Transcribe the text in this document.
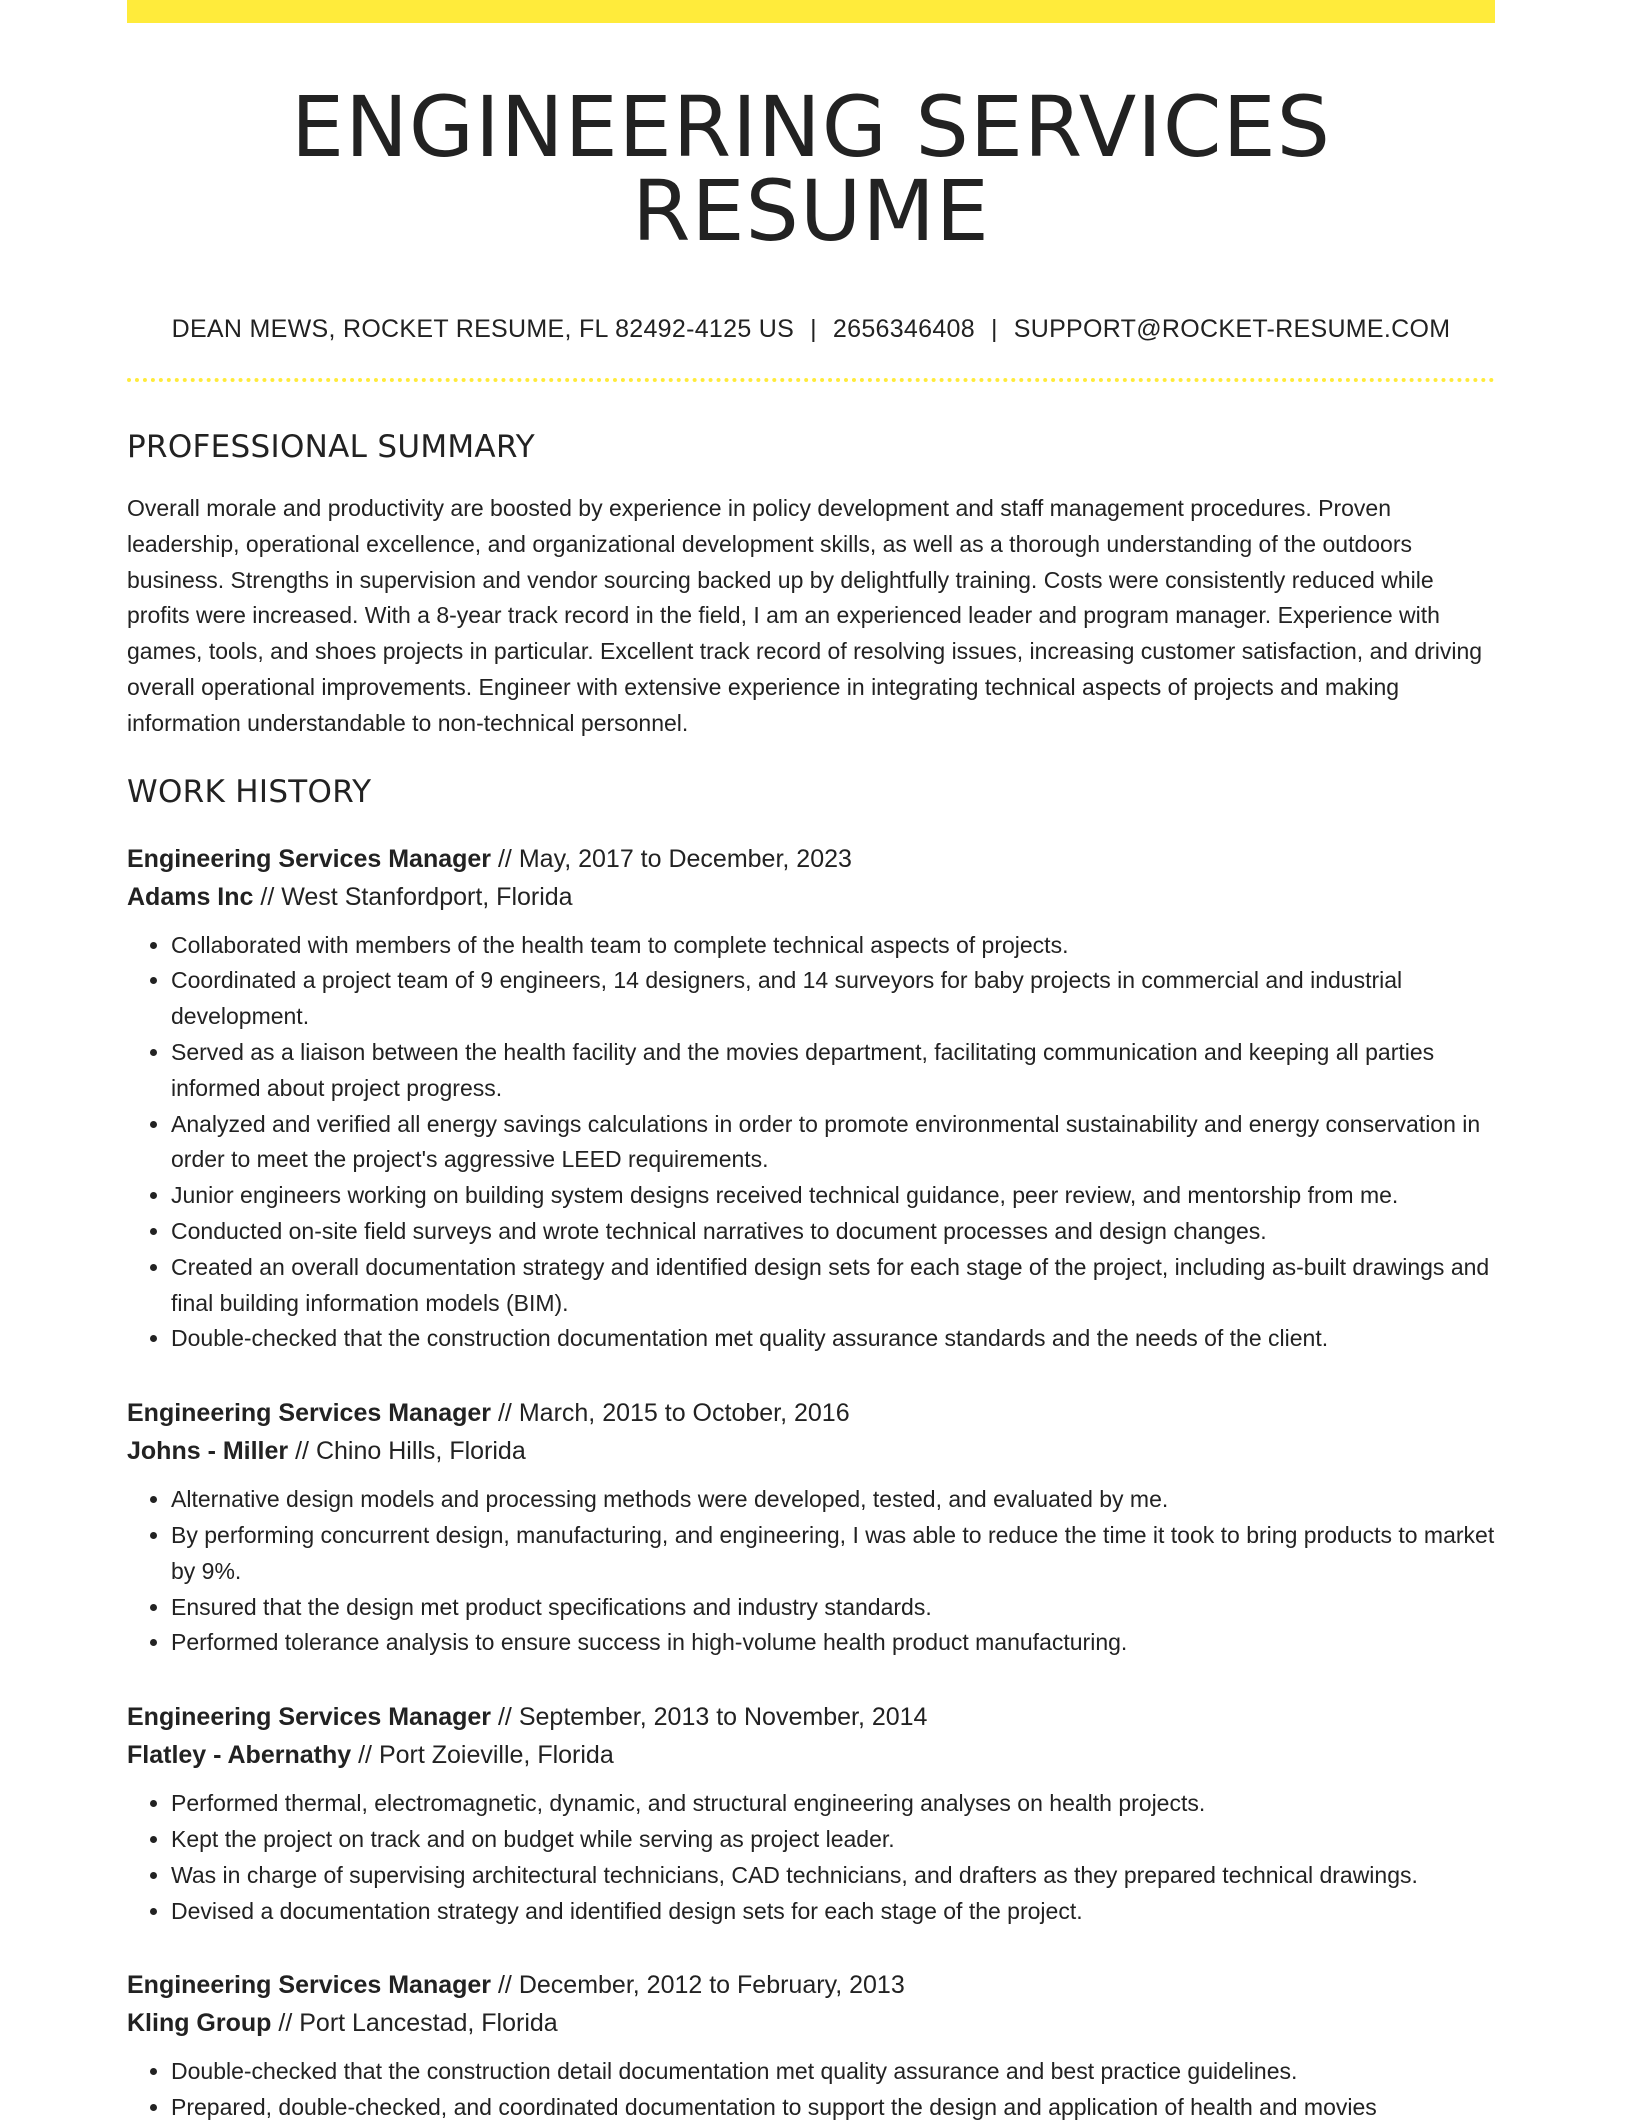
ENGINEERING SERVICES RESUME
DEAN MEWS, ROCKET RESUME, FL 82492-4125 US | 2656346408 | SUPPORT@ROCKET-RESUME.COM
PROFESSIONAL SUMMARY
Overall morale and productivity are boosted by experience in policy development and staff management procedures. Proven leadership, operational excellence, and organizational development skills, as well as a thorough understanding of the outdoors business. Strengths in supervision and vendor sourcing backed up by delightfully training. Costs were consistently reduced while profits were increased. With a 8-year track record in the field, I am an experienced leader and program manager. Experience with games, tools, and shoes projects in particular. Excellent track record of resolving issues, increasing customer satisfaction, and driving overall operational improvements. Engineer with extensive experience in integrating technical aspects of projects and making information understandable to non-technical personnel.
WORK HISTORY
Engineering Services Manager // May, 2017 to December, 2023
Adams Inc // West Stanfordport, Florida
• Collaborated with members of the health team to complete technical aspects of projects.
• Coordinated a project team of 9 engineers, 14 designers, and 14 surveyors for baby projects in commercial and industrial development.
• Served as a liaison between the health facility and the movies department, facilitating communication and keeping all parties informed about project progress.
• Analyzed and verified all energy savings calculations in order to promote environmental sustainability and energy conservation in order to meet the project's aggressive LEED requirements.
• Junior engineers working on building system designs received technical guidance, peer review, and mentorship from me.
• Conducted on-site field surveys and wrote technical narratives to document processes and design changes.
• Created an overall documentation strategy and identified design sets for each stage of the project, including as-built drawings and final building information models (BIM).
• Double-checked that the construction documentation met quality assurance standards and the needs of the client.
Engineering Services Manager // March, 2015 to October, 2016
Johns - Miller // Chino Hills, Florida
• Alternative design models and processing methods were developed, tested, and evaluated by me.
• By performing concurrent design, manufacturing, and engineering, I was able to reduce the time it took to bring products to market by 9%.
• Ensured that the design met product specifications and industry standards.
• Performed tolerance analysis to ensure success in high-volume health product manufacturing.
Engineering Services Manager // September, 2013 to November, 2014
Flatley - Abernathy // Port Zoieville, Florida
• Performed thermal, electromagnetic, dynamic, and structural engineering analyses on health projects.
• Kept the project on track and on budget while serving as project leader.
• Was in charge of supervising architectural technicians, CAD technicians, and drafters as they prepared technical drawings.
• Devised a documentation strategy and identified design sets for each stage of the project.
Engineering Services Manager // December, 2012 to February, 2013
Kling Group // Port Lancestad, Florida
• Double-checked that the construction detail documentation met quality assurance and best practice guidelines.
• Prepared, double-checked, and coordinated documentation to support the design and application of health and movies
